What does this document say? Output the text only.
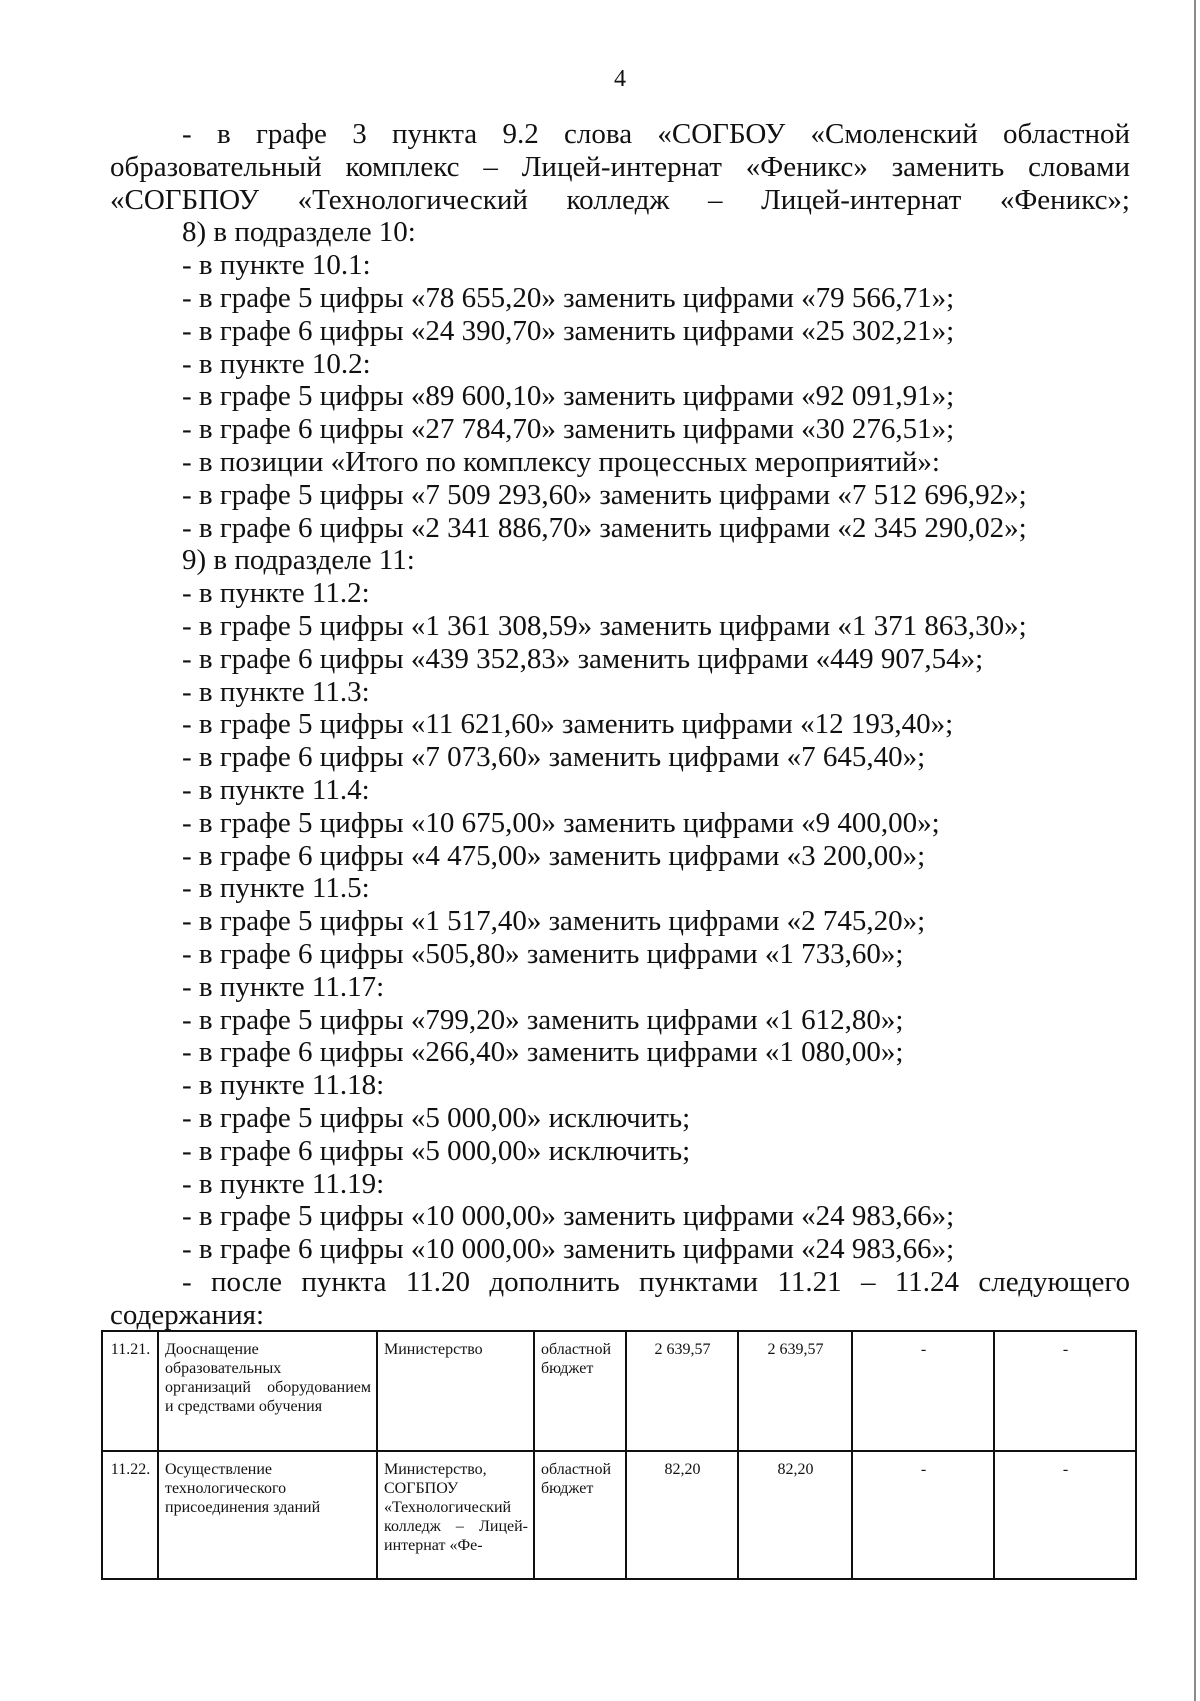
4

- в графе 3 пункта 9.2 слова «СОГБОУ «Смоленский областной образовательный комплекс – Лицей-интернат «Феникс» заменить словами «СОГБПОУ «Технологический колледж – Лицей-интернат «Феникс»;

8) в подразделе 10:

- в пункте 10.1:

- в графе 5 цифры «78 655,20» заменить цифрами «79 566,71»;

- в графе 6 цифры «24 390,70» заменить цифрами «25 302,21»;

- в пункте 10.2:

- в графе 5 цифры «89 600,10» заменить цифрами «92 091,91»;

- в графе 6 цифры «27 784,70» заменить цифрами «30 276,51»;

- в позиции «Итого по комплексу процессных мероприятий»:

- в графе 5 цифры «7 509 293,60» заменить цифрами «7 512 696,92»;

- в графе 6 цифры «2 341 886,70» заменить цифрами «2 345 290,02»;

9) в подразделе 11:

- в пункте 11.2:

- в графе 5 цифры «1 361 308,59» заменить цифрами «1 371 863,30»;

- в графе 6 цифры «439 352,83» заменить цифрами «449 907,54»;

- в пункте 11.3:

- в графе 5 цифры «11 621,60» заменить цифрами «12 193,40»;

- в графе 6 цифры «7 073,60» заменить цифрами «7 645,40»;

- в пункте 11.4:

- в графе 5 цифры «10 675,00» заменить цифрами «9 400,00»;

- в графе 6 цифры «4 475,00» заменить цифрами «3 200,00»;

- в пункте 11.5:

- в графе 5 цифры «1 517,40» заменить цифрами «2 745,20»;

- в графе 6 цифры «505,80» заменить цифрами «1 733,60»;

- в пункте 11.17:

- в графе 5 цифры «799,20» заменить цифрами «1 612,80»;

- в графе 6 цифры «266,40» заменить цифрами «1 080,00»;

- в пункте 11.18:

- в графе 5 цифры «5 000,00» исключить;

- в графе 6 цифры «5 000,00» исключить;

- в пункте 11.19:

- в графе 5 цифры «10 000,00» заменить цифрами «24 983,66»;

- в графе 6 цифры «10 000,00» заменить цифрами «24 983,66»;

- после пункта 11.20 дополнить пунктами 11.21 – 11.24 следующего

содержания:

11.21.	Дооснащение образовательных организаций оборудованием и средствами обучения	Министерство	областной бюджет	2 639,57	2 639,57	-	-
11.22.	Осуществление технологического присоединения зданий	Министерство, СОГБПОУ «Технологический колледж – Лицей-интернат «Фе-	областной бюджет	82,20	82,20	-	-
